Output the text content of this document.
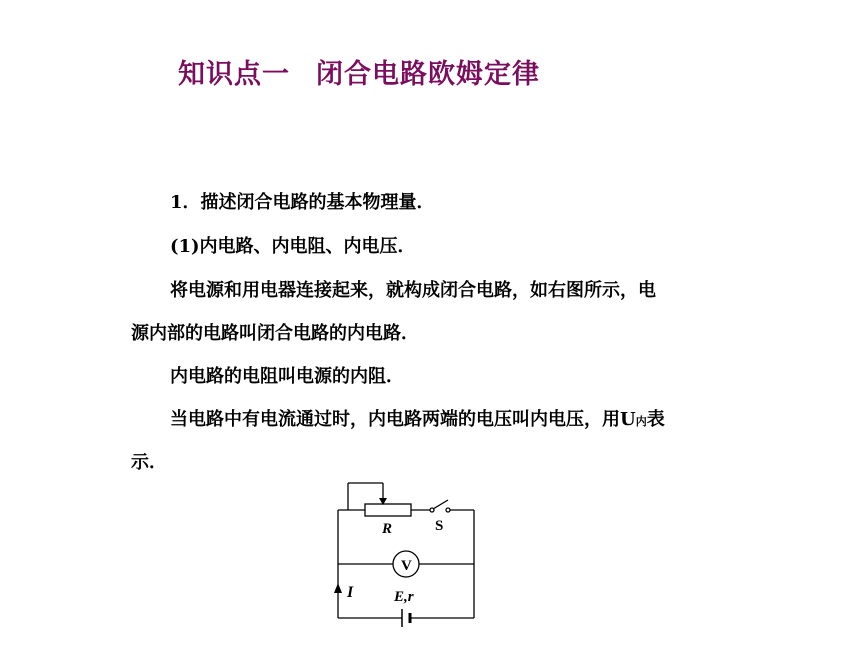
知识点一 闭合电路欧姆定律
1．描述闭合电路的基本物理量．
(1)内电路、内电阻、内电压．
将电源和用电器连接起来，就构成闭合电路，如右图所示，电
源内部的电路叫闭合电路的内电路．
内电路的电阻叫电源的内阻．
当电路中有电流通过时，内电路两端的电压叫内电压，用U内表
示．
R	S
V
I	E,r
